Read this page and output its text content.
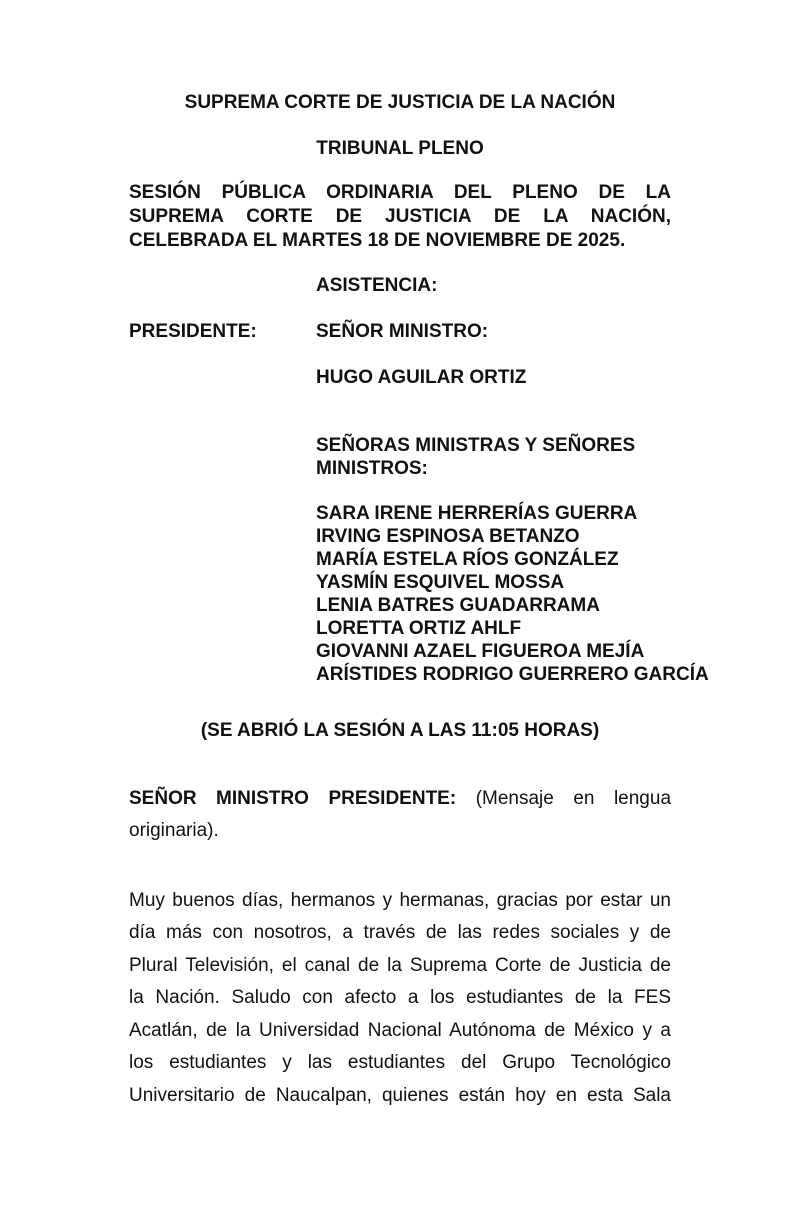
SUPREMA CORTE DE JUSTICIA DE LA NACIÓN
TRIBUNAL PLENO
SESIÓN PÚBLICA ORDINARIA DEL PLENO DE LA
SUPREMA CORTE DE JUSTICIA DE LA NACIÓN,
CELEBRADA EL MARTES 18 DE NOVIEMBRE DE 2025.
ASISTENCIA:
PRESIDENTE:	SEÑOR MINISTRO:
HUGO AGUILAR ORTIZ
SEÑORAS MINISTRAS Y SEÑORES
MINISTROS:
SARA IRENE HERRERÍAS GUERRA
IRVING ESPINOSA BETANZO
MARÍA ESTELA RÍOS GONZÁLEZ
YASMÍN ESQUIVEL MOSSA
LENIA BATRES GUADARRAMA
LORETTA ORTIZ AHLF
GIOVANNI AZAEL FIGUEROA MEJÍA
ARÍSTIDES RODRIGO GUERRERO GARCÍA
(SE ABRIÓ LA SESIÓN A LAS 11:05 HORAS)
SEÑOR MINISTRO PRESIDENTE: (Mensaje en lengua
originaria).
Muy buenos días, hermanos y hermanas, gracias por estar un
día más con nosotros, a través de las redes sociales y de
Plural Televisión, el canal de la Suprema Corte de Justicia de
la Nación. Saludo con afecto a los estudiantes de la FES
Acatlán, de la Universidad Nacional Autónoma de México y a
los estudiantes y las estudiantes del Grupo Tecnológico
Universitario de Naucalpan, quienes están hoy en esta Sala
